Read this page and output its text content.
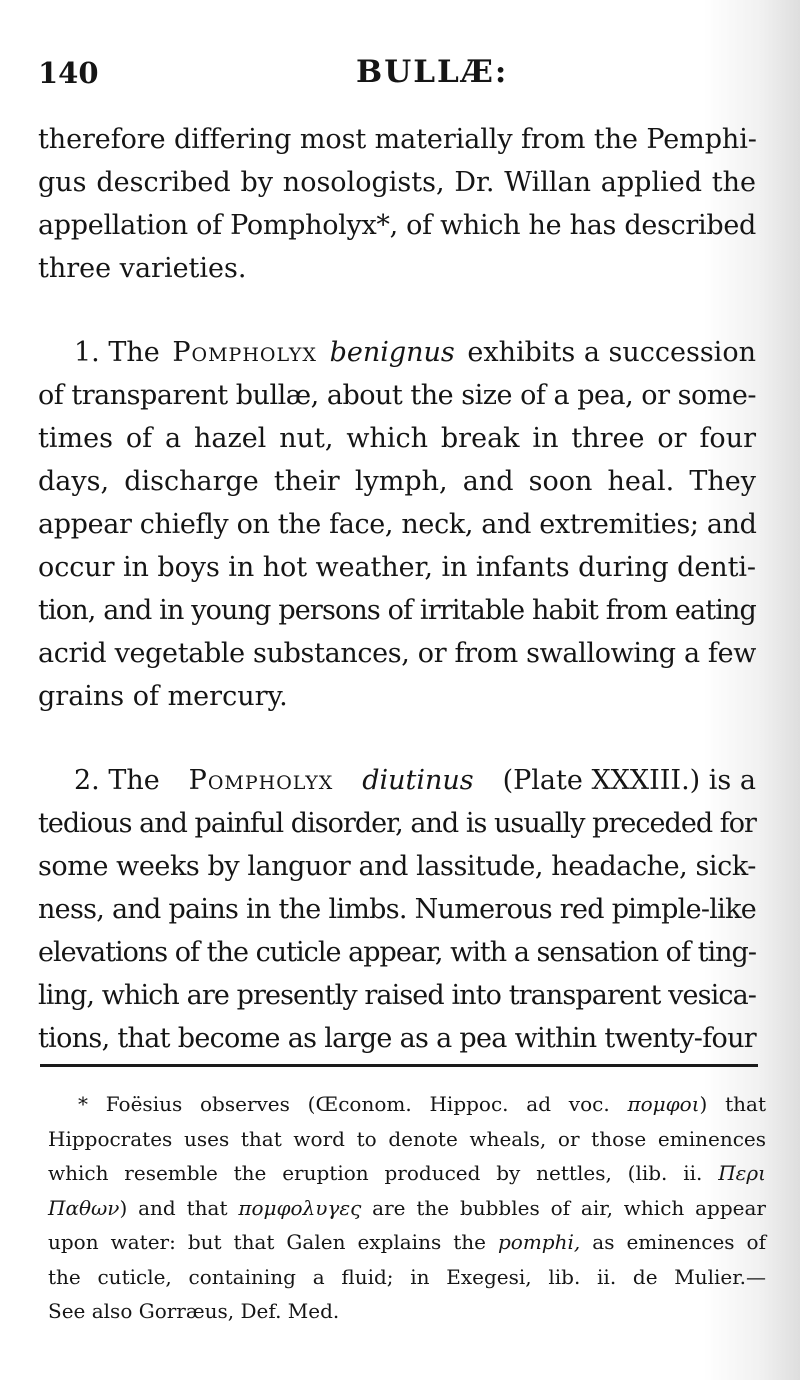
140	BULLÆ:
therefore differing most materially from the Pemphi-
gus described by nosologists, Dr. Willan applied the
appellation of Pompholyx*, of which he has described
three varieties.
1. The Pompholyx benignus exhibits a succession
of transparent bullæ, about the size of a pea, or some-
times of a hazel nut, which break in three or four
days, discharge their lymph, and soon heal. They
appear chiefly on the face, neck, and extremities; and
occur in boys in hot weather, in infants during denti-
tion, and in young persons of irritable habit from eating
acrid vegetable substances, or from swallowing a few
grains of mercury.
2. The Pompholyx diutinus (Plate XXXIII.) is a
tedious and painful disorder, and is usually preceded for
some weeks by languor and lassitude, headache, sick-
ness, and pains in the limbs. Numerous red pimple-like
elevations of the cuticle appear, with a sensation of ting-
ling, which are presently raised into transparent vesica-
tions, that become as large as a pea within twenty-four
* Foësius observes (Œconom. Hippoc. ad voc. πομφοι) that
Hippocrates uses that word to denote wheals, or those eminences
which resemble the eruption produced by nettles, (lib. ii. Περι
Παθων) and that πομφολυγες are the bubbles of air, which appear
upon water: but that Galen explains the pomphi, as eminences of
the cuticle, containing a fluid; in Exegesi, lib. ii. de Mulier.—
See also Gorræus, Def. Med.
